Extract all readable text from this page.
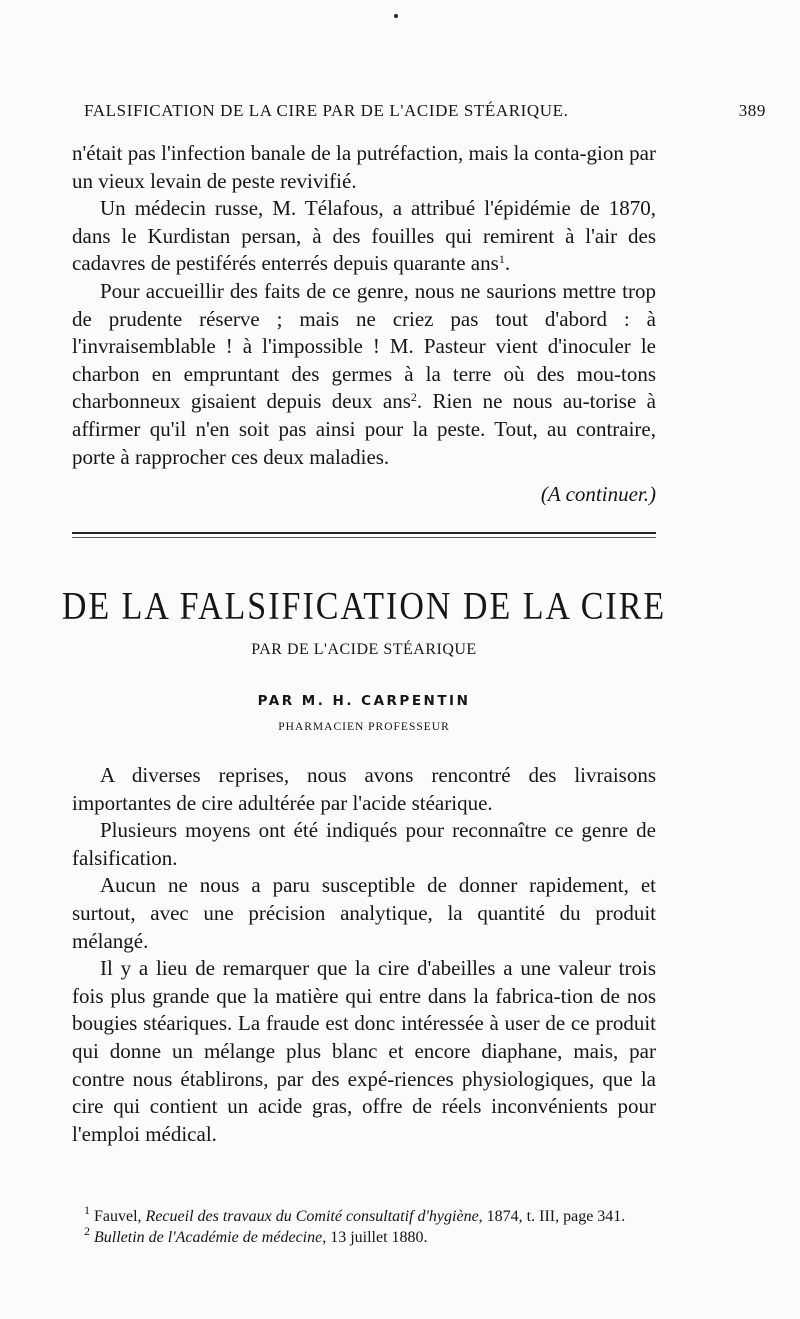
FALSIFICATION DE LA CIRE PAR DE L'ACIDE STÉARIQUE.	389

n'était pas l'infection banale de la putréfaction, mais la conta-gion par un vieux levain de peste revivifié.

Un médecin russe, M. Télafous, a attribué l'épidémie de 1870, dans le Kurdistan persan, à des fouilles qui remirent à l'air des cadavres de pestiférés enterrés depuis quarante ans$^1$.

Pour accueillir des faits de ce genre, nous ne saurions mettre trop de prudente réserve ; mais ne criez pas tout d'abord : à l'invraisemblable ! à l'impossible ! M. Pasteur vient d'inoculer le charbon en empruntant des germes à la terre où des mou-tons charbonneux gisaient depuis deux ans$^2$. Rien ne nous au-torise à affirmer qu'il n'en soit pas ainsi pour la peste. Tout, au contraire, porte à rapprocher ces deux maladies.

(A continuer.)
DE LA FALSIFICATION DE LA CIRE
PAR DE L'ACIDE STÉARIQUE
PAR M. H. CARPENTIN
PHARMACIEN PROFESSEUR

A diverses reprises, nous avons rencontré des livraisons importantes de cire adultérée par l'acide stéarique.

Plusieurs moyens ont été indiqués pour reconnaître ce genre de falsification.

Aucun ne nous a paru susceptible de donner rapidement, et surtout, avec une précision analytique, la quantité du produit mélangé.

Il y a lieu de remarquer que la cire d'abeilles a une valeur trois fois plus grande que la matière qui entre dans la fabrica-tion de nos bougies stéariques. La fraude est donc intéressée à user de ce produit qui donne un mélange plus blanc et encore diaphane, mais, par contre nous établirons, par des expé-riences physiologiques, que la cire qui contient un acide gras, offre de réels inconvénients pour l'emploi médical.

$^1$ Fauvel, Recueil des travaux du Comité consultatif d'hygiène, 1874, t. III, page 341.

$^2$ Bulletin de l'Académie de médecine, 13 juillet 1880.
